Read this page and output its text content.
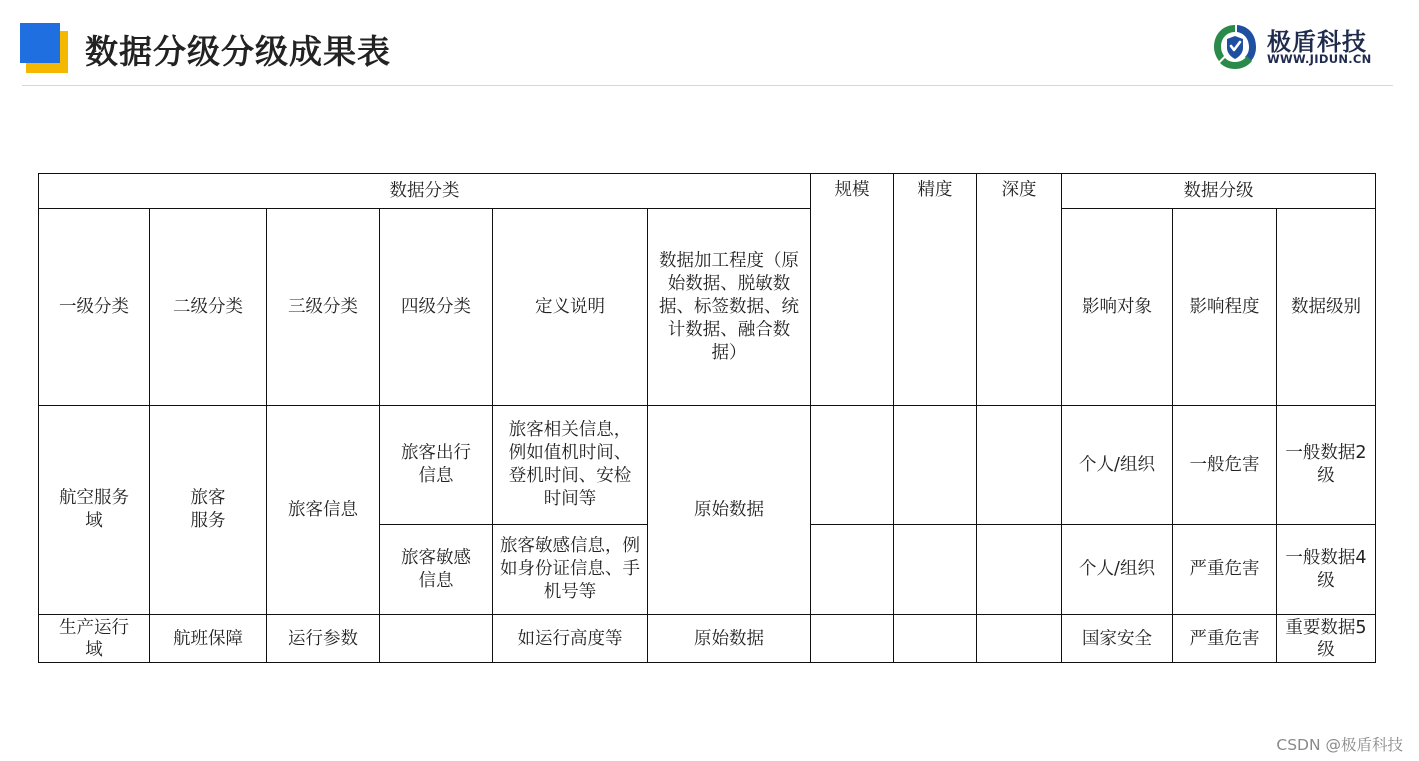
数据分级分级成果表	极盾科技
WWW.JIDUN.CN
数据分类						规模	精度	深度	数据分级		
一级分类	二级分类	三级分类	四级分类	定义说明	数据加工程度（原始数据、脱敏数据、标签数据、统计数据、融合数据）				影响对象	影响程度	数据级别
航空服务域	旅客服务	旅客信息	旅客出行信息	旅客相关信息，例如值机时间、登机时间、安检时间等	原始数据				个人/组织	一般危害	一般数据2级
			旅客敏感信息	旅客敏感信息，例如身份证信息、手机号等					个人/组织	严重危害	一般数据4级
生产运行域	航班保障	运行参数		如运行高度等	原始数据				国家安全	严重危害	重要数据5级
CSDN @极盾科技
